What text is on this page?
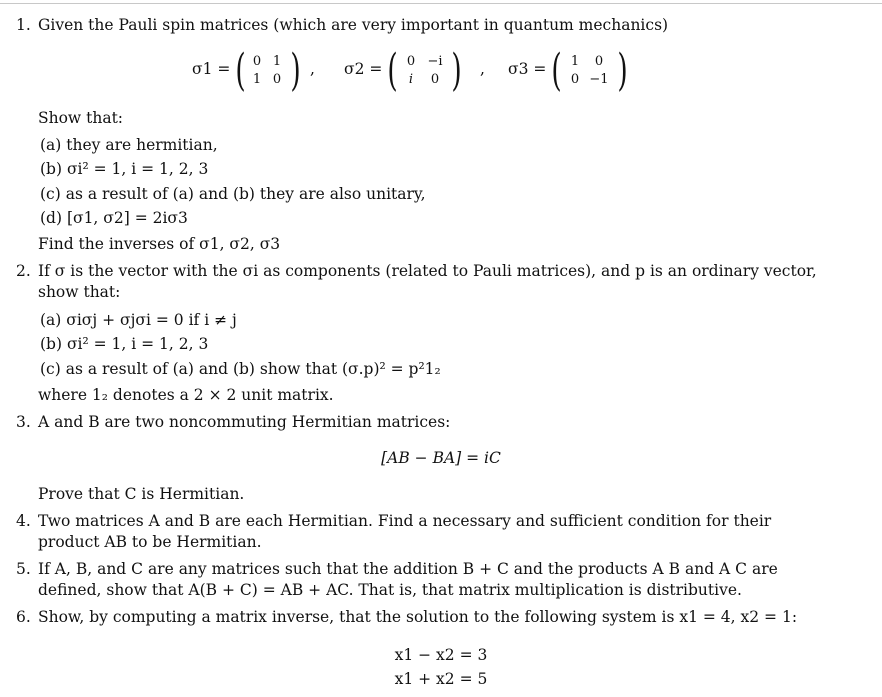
1. Given the Pauli spin matrices (which are very important in quantum mechanics)
σ1 = ( 0 1
1 0 ) , σ2 = ( 0 −i
i	0 ) , σ3 = ( 1	0
0 −1 )
Show that:
(a) they are hermitian,
(b) σi² = 1, i = 1, 2, 3
(c) as a result of (a) and (b) they are also unitary,
(d) [σ1, σ2] = 2iσ3
Find the inverses of σ1, σ2, σ3
2. If σ is the vector with the σi as components (related to Pauli matrices), and p is an ordinary vector,
show that:
(a) σiσj + σjσi = 0 if i ≠ j
(b) σi² = 1, i = 1, 2, 3
(c) as a result of (a) and (b) show that (σ.p)² = p²1₂
where 1₂ denotes a 2 × 2 unit matrix.
3. A and B are two noncommuting Hermitian matrices:
[AB − BA] = iC
Prove that C is Hermitian.
4. Two matrices A and B are each Hermitian. Find a necessary and sufficient condition for their
product AB to be Hermitian.
5. If A, B, and C are any matrices such that the addition B + C and the products A B and A C are
defined, show that A(B + C) = AB + AC. That is, that matrix multiplication is distributive.
6. Show, by computing a matrix inverse, that the solution to the following system is x1 = 4, x2 = 1:
x1 − x2 = 3
x1 + x2 = 5
